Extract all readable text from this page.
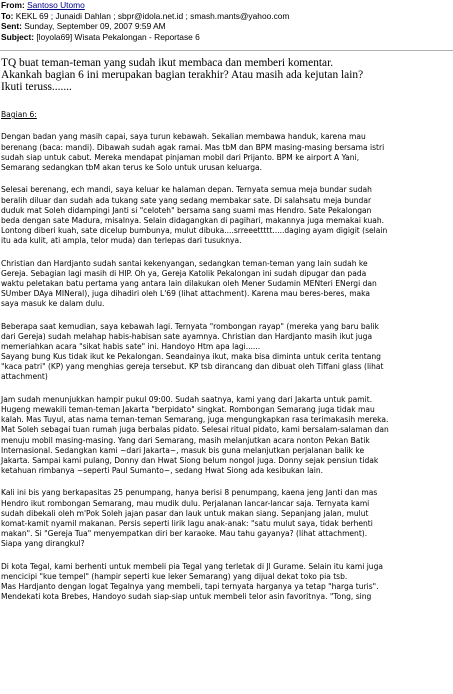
From: Santoso Utomo
To: KEKL 69 ; Junaidi Dahlan ; sbpr@idola.net.id ; smash.mants@yahoo.com
Sent: Sunday, September 09, 2007 9:59 AM
Subject: [loyola69] Wisata Pekalongan - Reportase 6
TQ buat teman-teman yang sudah ikut membaca dan memberi komentar.
Akankah bagian 6 ini merupakan bagian terakhir? Atau masih ada kejutan lain?
Ikuti teruss.......

Bagian 6:

Dengan badan yang masih capai, saya turun kebawah. Sekalian membawa handuk, karena mau
berenang (baca: mandi). Dibawah sudah agak ramai. Mas tbM dan BPM masing-masing bersama istri
sudah siap untuk cabut. Mereka mendapat pinjaman mobil dari Prijanto. BPM ke airport A Yani,
Semarang sedangkan tbM akan terus ke Solo untuk urusan keluarga.

Selesai berenang, ech mandi, saya keluar ke halaman depan. Ternyata semua meja bundar sudah
beralih diluar dan sudah ada tukang sate yang sedang membakar sate. Di salahsatu meja bundar
duduk mat Soleh didampingi Janti si "celoteh" bersama sang suami mas Hendro. Sate Pekalongan
beda dengan sate Madura, misalnya. Selain didagangkan di pagihari, makannya juga memakai kuah.
Lontong diberi kuah, sate dicelup bumbunya, mulut dibuka....srreeettttt.....daging ayam digigit (selain
itu ada kulit, ati ampla, telor muda) dan terlepas dari tusuknya.

Christian dan Hardjanto sudah santai kekenyangan, sedangkan teman-teman yang lain sudah ke
Gereja. Sebagian lagi masih di HIP. Oh ya, Gereja Katolik Pekalongan ini sudah dipugar dan pada
waktu peletakan batu pertama yang antara lain dilakukan oleh Mener Sudamin MENteri ENergi dan
SUmber DAya MINeral), juga dihadiri oleh L'69 (lihat attachment). Karena mau beres-beres, maka
saya masuk ke dalam dulu.

Beberapa saat kemudian, saya kebawah lagi. Ternyata "rombongan rayap" (mereka yang baru balik
dari Gereja) sudah melahap habis-habisan sate ayamnya. Christian dan Hardjanto masih ikut juga
memeriahkan acara "sikat habis sate" ini. Handoyo Htm apa lagi......
Sayang bung Kus tidak ikut ke Pekalongan. Seandainya ikut, maka bisa diminta untuk cerita tentang
"kaca patri" (KP) yang menghias gereja tersebut. KP tsb dirancang dan dibuat oleh Tiffani glass (lihat
attachment)

Jam sudah menunjukkan hampir pukul 09:00. Sudah saatnya, kami yang dari Jakarta untuk pamit.
Hugeng mewakili teman-teman Jakarta "berpidato" singkat. Rombongan Semarang juga tidak mau
kalah. Mas Tuyul, atas nama teman-teman Semarang, juga mengungkapkan rasa terimakasih mereka.
Mat Soleh sebagai tuan rumah juga berbalas pidato. Selesai ritual pidato, kami bersalam-salaman dan
menuju mobil masing-masing. Yang dari Semarang, masih melanjutkan acara nonton Pekan Batik
Internasional. Sedangkan kami ~dari Jakarta~, masuk bis guna melanjutkan perjalanan balik ke
Jakarta. Sampai kami pulang, Donny dan Hwat Siong belum nongol juga. Donny sejak pensiun tidak
ketahuan rimbanya ~seperti Paul Sumanto~, sedang Hwat Siong ada kesibukan lain.

Kali ini bis yang berkapasitas 25 penumpang, hanya berisi 8 penumpang, kaena jeng Janti dan mas
Hendro ikut rombongan Semarang, mau mudik dulu. Perjalanan lancar-lancar saja. Ternyata kami
sudah dibekali oleh m'Pok Soleh jajan pasar dan lauk untuk makan siang. Sepanjang jalan, mulut
komat-kamit nyamil makanan. Persis seperti lirik lagu anak-anak: "satu mulut saya, tidak berhenti
makan". Si "Gereja Tua" menyempatkan diri ber karaoke. Mau tahu gayanya? (lihat attachment).
Siapa yang dirangkul?

Di kota Tegal, kami berhenti untuk membeli pia Tegal yang terletak di Jl Gurame. Selain itu kami juga
mencicipi "kue tempel" (hampir seperti kue leker Semarang) yang dijual dekat toko pia tsb.
Mas Hardjanto dengan logat Tegalnya yang membeli, tapi ternyata harganya ya tetap "harga turis".
Mendekati kota Brebes, Handoyo sudah siap-siap untuk membeli telor asin favoritnya. "Tong, sing
